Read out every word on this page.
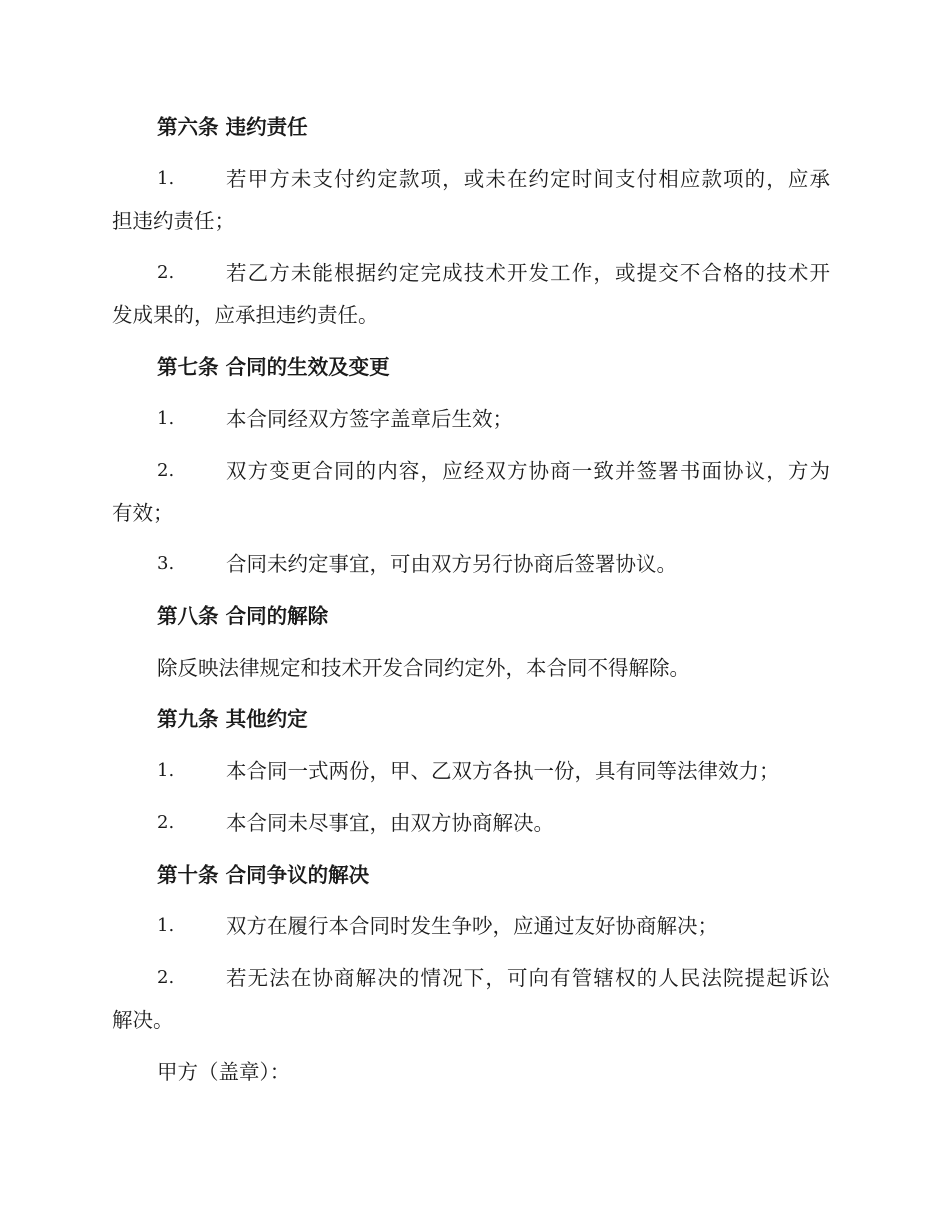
第六条 违约责任
1.	若甲方未支付约定款项，或未在约定时间支付相应款项的，应承
担违约责任；
2.	若乙方未能根据约定完成技术开发工作，或提交不合格的技术开
发成果的，应承担违约责任。
第七条 合同的生效及变更
1.	本合同经双方签字盖章后生效；
2.	双方变更合同的内容，应经双方协商一致并签署书面协议，方为
有效；
3.	合同未约定事宜，可由双方另行协商后签署协议。
第八条 合同的解除
除反映法律规定和技术开发合同约定外，本合同不得解除。
第九条 其他约定
1.	本合同一式两份，甲、乙双方各执一份，具有同等法律效力；
2.	本合同未尽事宜，由双方协商解决。
第十条 合同争议的解决
1.	双方在履行本合同时发生争吵，应通过友好协商解决；
2.	若无法在协商解决的情况下，可向有管辖权的人民法院提起诉讼
解决。
甲方（盖章）：
